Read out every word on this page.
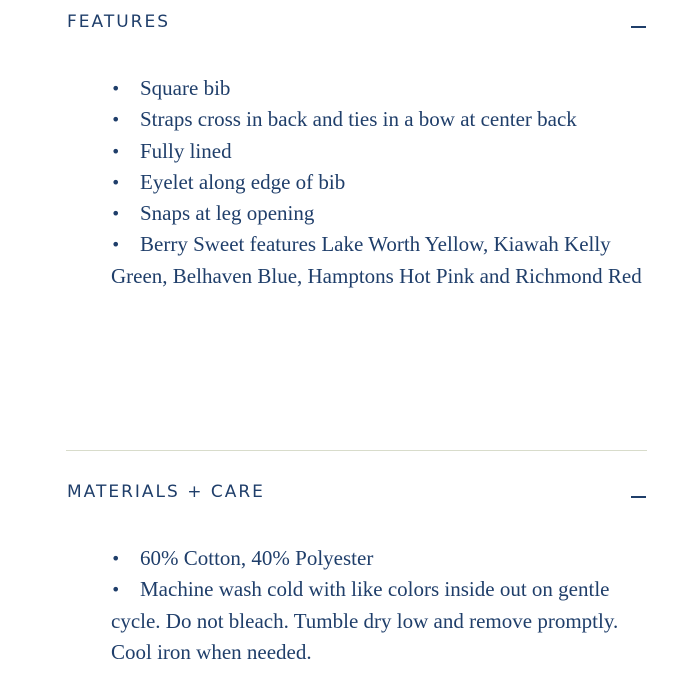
FEATURES
• Square bib
• Straps cross in back and ties in a bow at center back
• Fully lined
• Eyelet along edge of bib
• Snaps at leg opening
• Berry Sweet features Lake Worth Yellow, Kiawah Kelly Green, Belhaven Blue, Hamptons Hot Pink and Richmond Red
MATERIALS + CARE
• 60% Cotton, 40% Polyester
• Machine wash cold with like colors inside out on gentle cycle. Do not bleach. Tumble dry low and remove promptly. Cool iron when needed.
